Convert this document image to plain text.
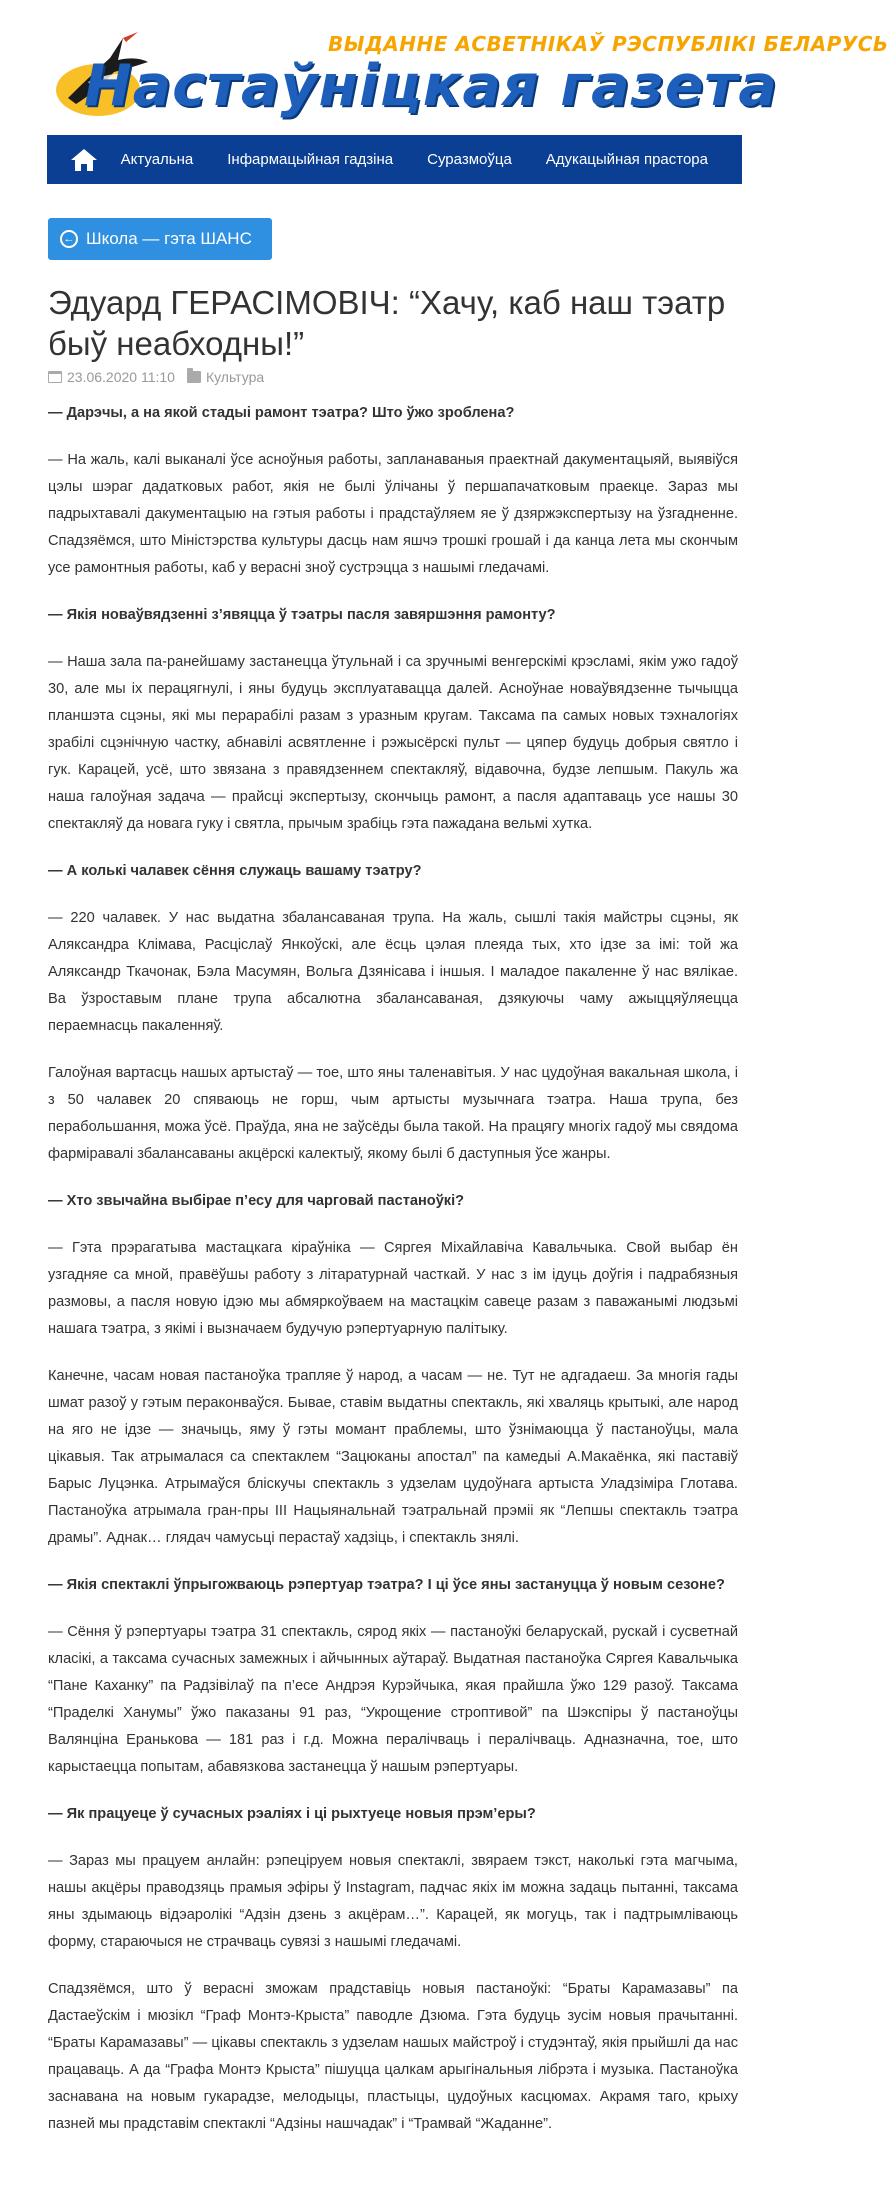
ВЫДАННЕ АСВЕТНІКАЎ РЭСПУБЛІКІ БЕЛАРУСЬ
Настаўніцкая газета
Актуальна Інфармацыйная гадзіна Суразмоўца Адукацыйная прастора
← Школа — гэта ШАНС
Эдуард ГЕРАСІМОВІЧ: “Хачу, каб наш тэатр быў неабходны!”
23.06.2020 11:10 Культура

— Дарэчы, а на якой стадыі рамонт тэатра? Што ўжо зроблена?

— На жаль, калі выканалі ўсе асноўныя работы, запланаваныя праектнай дакументацыяй, выявіўся цэлы шэраг дадатковых работ, якія не былі ўлічаны ў першапачатковым праекце. Зараз мы падрыхтавалі дакументацыю на гэтыя работы і прадстаўляем яе ў дзяржэкспертызу на ўзгадненне. Спадзяёмся, што Міністэрства культуры дасць нам яшчэ трошкі грошай і да канца лета мы скончым усе рамонтныя работы, каб у верасні зноў сустрэцца з нашымі гледачамі.

— Якія новаўвядзенні з’явяцца ў тэатры пасля завяршэння рамонту?

— Наша зала па-ранейшаму застанецца ўтульнай і са зручнымі венгерскімі крэсламі, якім ужо гадоў 30, але мы іх перацягнулі, і яны будуць эксплуатавацца далей. Асноўнае новаўвядзенне тычыцца планшэта сцэны, які мы перарабілі разам з уразным кругам. Таксама па самых новых тэхналогіях зрабілі сцэнічную частку, абнавілі асвятленне і рэжысёрскі пульт — цяпер будуць добрыя святло і гук. Карацей, усё, што звязана з правядзеннем спектакляў, відавочна, будзе лепшым. Пакуль жа наша галоўная задача — прайсці экспертызу, скончыць рамонт, а пасля адаптаваць усе нашы 30 спектакляў да новага гуку і святла, прычым зрабіць гэта пажадана вельмі хутка.

— А колькі чалавек сёння служаць вашаму тэатру?

— 220 чалавек. У нас выдатна збалансаваная трупа. На жаль, сышлі такія майстры сцэны, як Аляксандра Клімава, Расціслаў Янкоўскі, але ёсць цэлая плеяда тых, хто ідзе за імі: той жа Аляксандр Ткачонак, Бэла Масумян, Вольга Дзянісава і іншыя. І маладое пакаленне ў нас вялікае. Ва ўзроставым плане трупа абсалютна збалансаваная, дзякуючы чаму ажыццяўляецца пераемнасць пакаленняў.

Галоўная вартасць нашых артыстаў — тое, што яны таленавітыя. У нас цудоўная вакальная школа, і з 50 чалавек 20 спяваюць не горш, чым артысты музычнага тэатра. Наша трупа, без перабольшання, можа ўсё. Праўда, яна не заўсёды была такой. На працягу многіх гадоў мы свядома фарміравалі збалансаваны акцёрскі калектыў, якому былі б даступныя ўсе жанры.

— Хто звычайна выбірае п’есу для чарговай пастаноўкі?

— Гэта прэрагатыва мастацкага кіраўніка — Сяргея Міхайлавіча Кавальчыка. Свой выбар ён узгадняе са мной, правёўшы работу з літаратурнай часткай. У нас з ім ідуць доўгія і падрабязныя размовы, а пасля новую ідэю мы абмяркоўваем на мастацкім савеце разам з паважанымі людзьмі нашага тэатра, з якімі і вызначаем будучую рэпертуарную палітыку.

Канечне, часам новая пастаноўка трапляе ў народ, а часам — не. Тут не адгадаеш. За многія гады шмат разоў у гэтым пераконваўся. Бывае, ставім выдатны спектакль, які хваляць крытыкі, але народ на яго не ідзе — значыць, яму ў гэты момант праблемы, што ўзнімаюцца ў пастаноўцы, мала цікавыя. Так атрымалася са спектаклем “Зацюканы апостал” па камедыі А.Макаёнка, які паставіў Барыс Луцэнка. Атрымаўся бліскучы спектакль з удзелам цудоўнага артыста Уладзіміра Глотава. Пастаноўка атрымала гран-пры ІІІ Нацыянальнай тэатральнай прэміі як “Лепшы спектакль тэатра драмы”. Аднак… глядач чамусьці перастаў хадзіць, і спектакль знялі.

— Якія спектаклі ўпрыгожваюць рэпертуар тэатра? І ці ўсе яны застануцца ў новым сезоне?

— Сёння ў рэпертуары тэатра 31 спектакль, сярод якіх — пастаноўкі беларускай, рускай і сусветнай класікі, а таксама сучасных замежных і айчынных аўтараў. Выдатная пастаноўка Сяргея Кавальчыка “Пане Каханку” па Радзівілаў па п’есе Андрэя Курэйчыка, якая прайшла ўжо 129 разоў. Таксама “Праделкі Ханумы” ўжо паказаны 91 раз, “Укрощение строптивой” па Шэкспіры ў пастаноўцы Валянціна Еранькова — 181 раз і г.д. Можна пералічваць і пералічваць. Адназначна, тое, што карыстаецца попытам, абавязкова застанецца ў нашым рэпертуары.

— Як працуеце ў сучасных рэаліях і ці рыхтуеце новыя прэм’еры?

— Зараз мы працуем анлайн: рэпеціруем новыя спектаклі, звяраем тэкст, наколькі гэта магчыма, нашы акцёры праводзяць прамыя эфіры ў Instagram, падчас якіх ім можна задаць пытанні, таксама яны здымаюць відэаролікі “Адзін дзень з акцёрам…”. Карацей, як могуць, так і падтрымліваюць форму, стараючыся не страчваць сувязі з нашымі гледачамі.

Спадзяёмся, што ў верасні зможам прадставіць новыя пастаноўкі: “Браты Карамазавы” па Дастаеўскім і мюзікл “Граф Монтэ-Крыста” паводле Дзюма. Гэта будуць зусім новыя прачытанні. “Браты Карамазавы” — цікавы спектакль з удзелам нашых майстроў і студэнтаў, якія прыйшлі да нас працаваць. А да “Графа Монтэ Крыста” пішуцца цалкам арыгінальныя лібрэта і музыка. Пастаноўка заснавана на новым гукарадзе, мелодыцы, пластыцы, цудоўных касцюмах. Акрамя таго, крыху пазней мы прадставім спектаклі “Адзіны нашчадак” і “Трамвай “Жаданне”.
